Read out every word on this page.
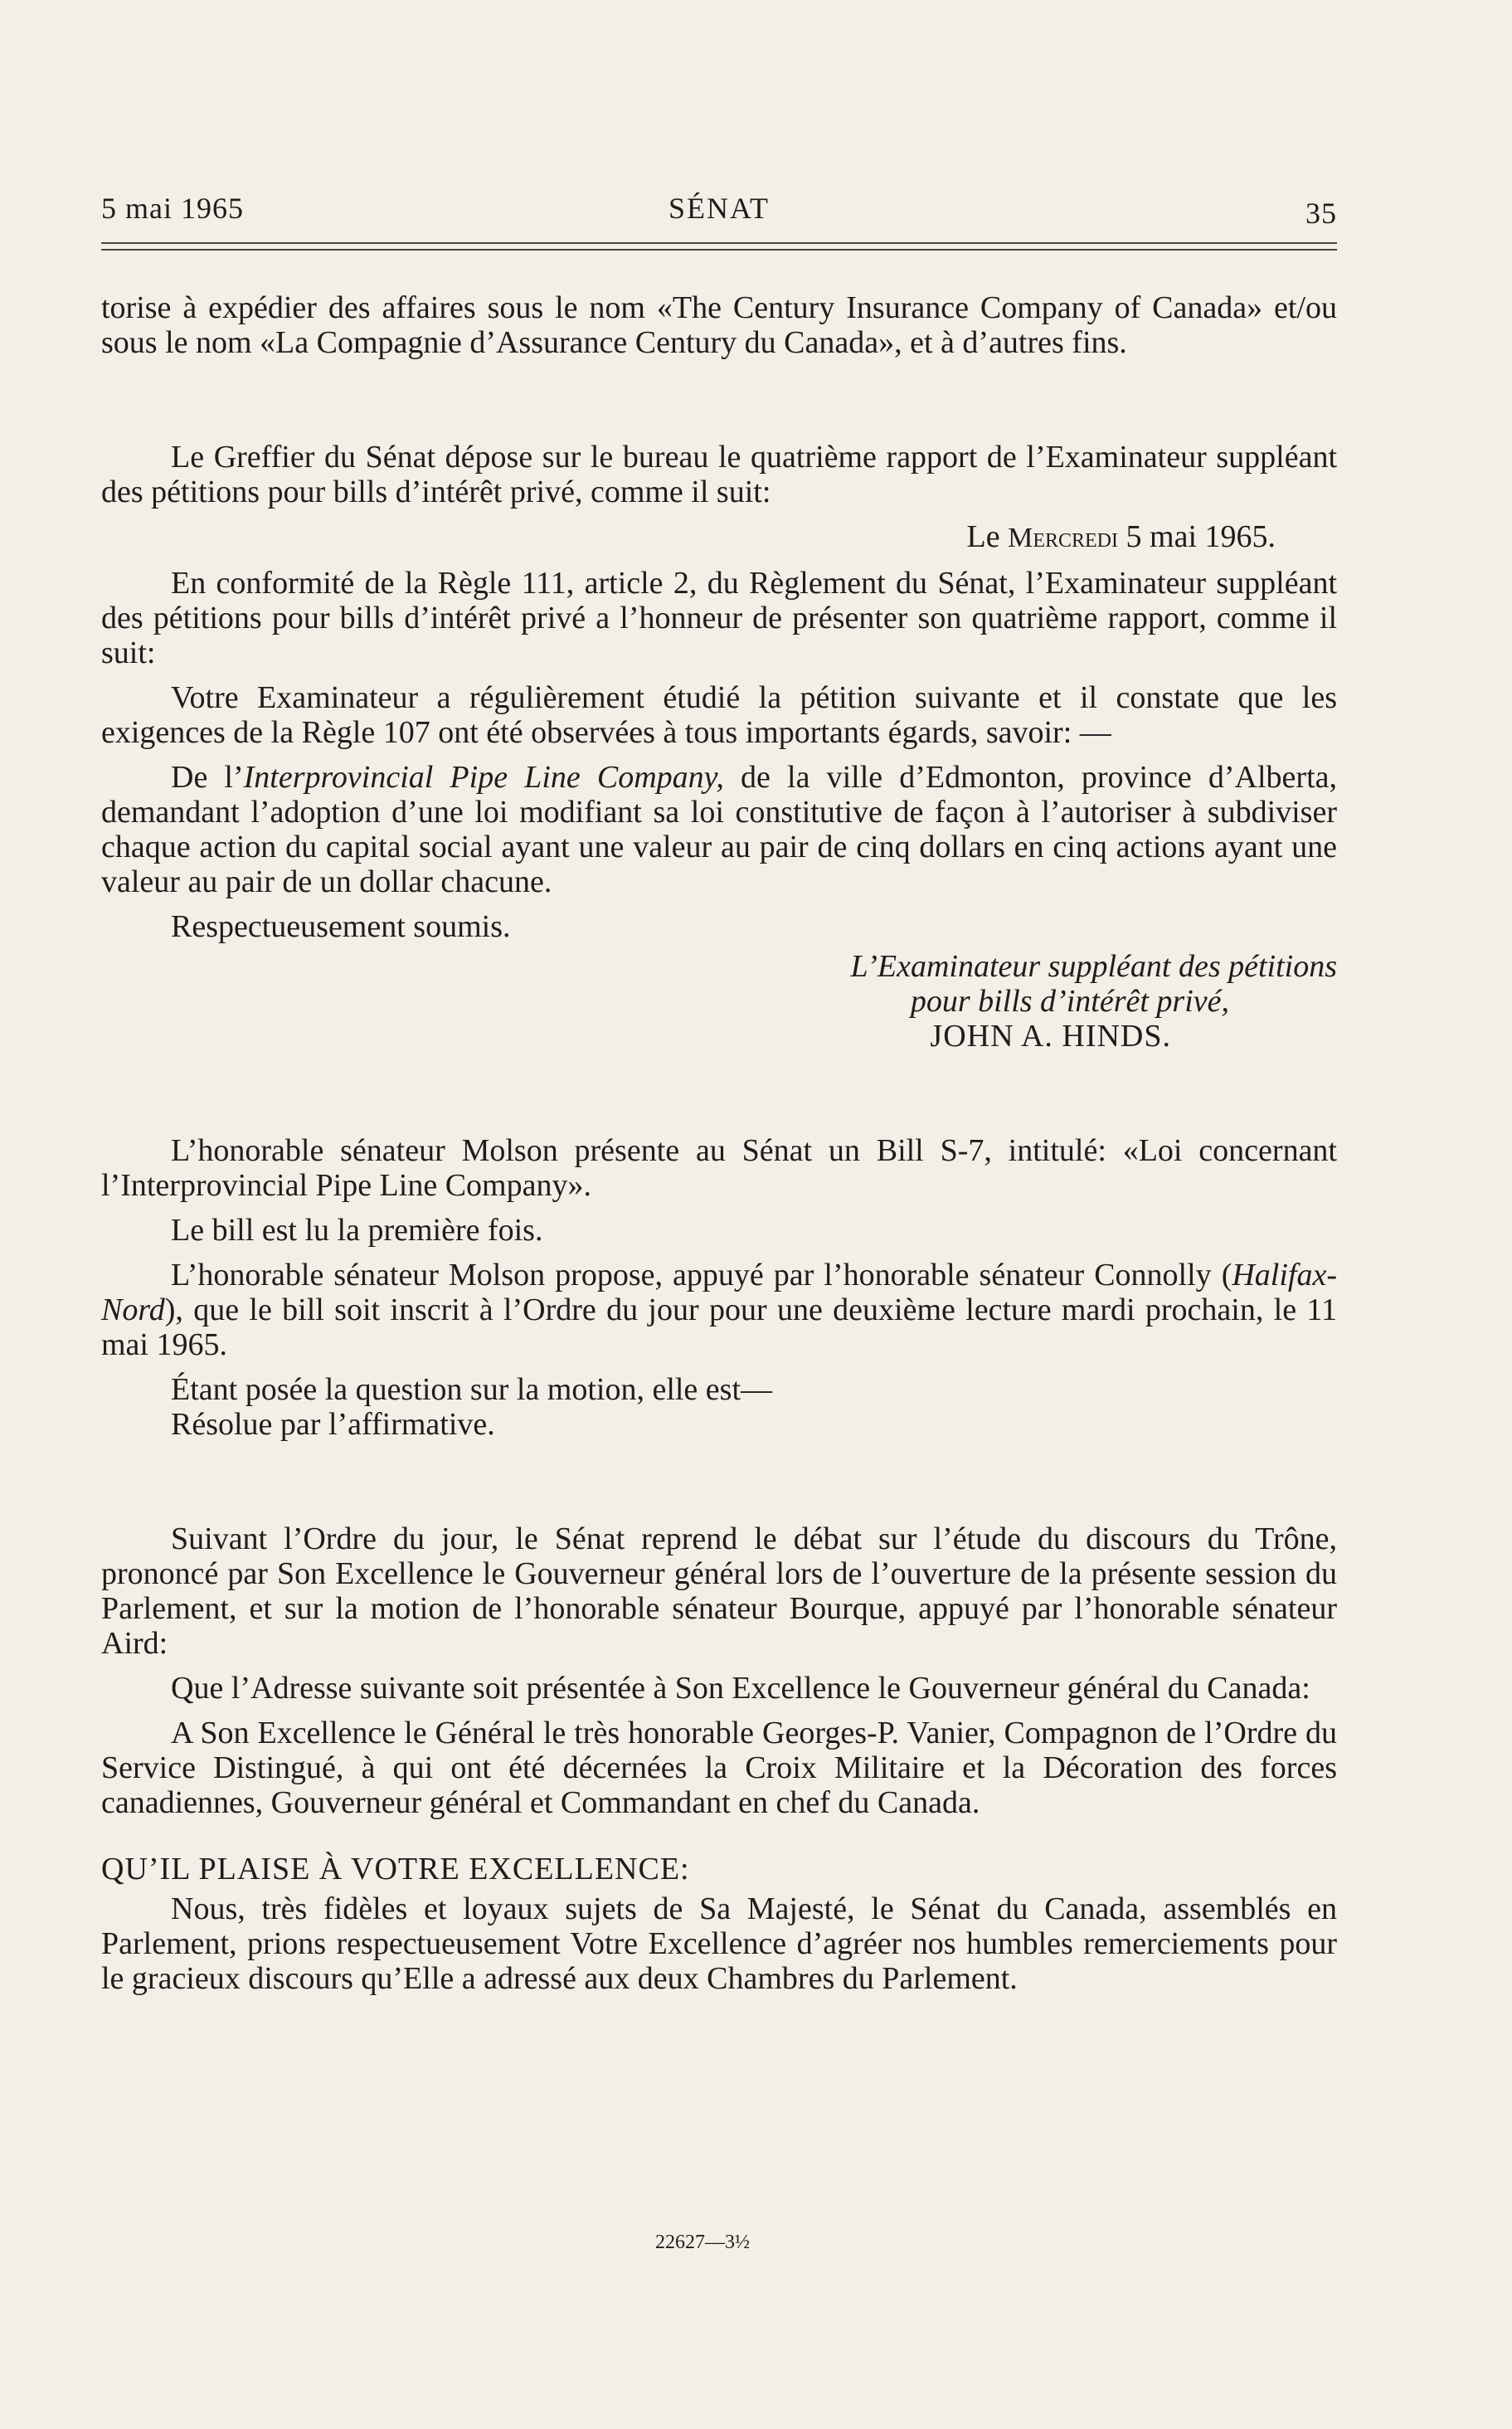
5 mai 1965	SÉNAT	35

torise à expédier des affaires sous le nom «The Century Insurance Company of Canada» et/ou sous le nom «La Compagnie d’Assurance Century du Canada», et à d’autres fins.

Le Greffier du Sénat dépose sur le bureau le quatrième rapport de l’Examinateur suppléant des pétitions pour bills d’intérêt privé, comme il suit:

Le Mercredi 5 mai 1965.

En conformité de la Règle 111, article 2, du Règlement du Sénat, l’Examinateur suppléant des pétitions pour bills d’intérêt privé a l’honneur de présenter son quatrième rapport, comme il suit:

Votre Examinateur a régulièrement étudié la pétition suivante et il constate que les exigences de la Règle 107 ont été observées à tous importants égards, savoir: —

De l’Interprovincial Pipe Line Company, de la ville d’Edmonton, province d’Alberta, demandant l’adoption d’une loi modifiant sa loi constitutive de façon à l’autoriser à subdiviser chaque action du capital social ayant une valeur au pair de cinq dollars en cinq actions ayant une valeur au pair de un dollar chacune.

Respectueusement soumis.

L’Examinateur suppléant des pétitions

pour bills d’intérêt privé,

JOHN A. HINDS.

L’honorable sénateur Molson présente au Sénat un Bill S-7, intitulé: «Loi concernant l’Interprovincial Pipe Line Company».

Le bill est lu la première fois.

L’honorable sénateur Molson propose, appuyé par l’honorable sénateur Connolly (Halifax-Nord), que le bill soit inscrit à l’Ordre du jour pour une deuxième lecture mardi prochain, le 11 mai 1965.

Étant posée la question sur la motion, elle est—

Résolue par l’affirmative.

Suivant l’Ordre du jour, le Sénat reprend le débat sur l’étude du discours du Trône, prononcé par Son Excellence le Gouverneur général lors de l’ouverture de la présente session du Parlement, et sur la motion de l’honorable sénateur Bourque, appuyé par l’honorable sénateur Aird:

Que l’Adresse suivante soit présentée à Son Excellence le Gouverneur général du Canada:

A Son Excellence le Général le très honorable Georges-P. Vanier, Compagnon de l’Ordre du Service Distingué, à qui ont été décernées la Croix Militaire et la Décoration des forces canadiennes, Gouverneur général et Commandant en chef du Canada.

QU’IL PLAISE À VOTRE EXCELLENCE:

Nous, très fidèles et loyaux sujets de Sa Majesté, le Sénat du Canada, assemblés en Parlement, prions respectueusement Votre Excellence d’agréer nos humbles remerciements pour le gracieux discours qu’Elle a adressé aux deux Chambres du Parlement.

22627—3½
